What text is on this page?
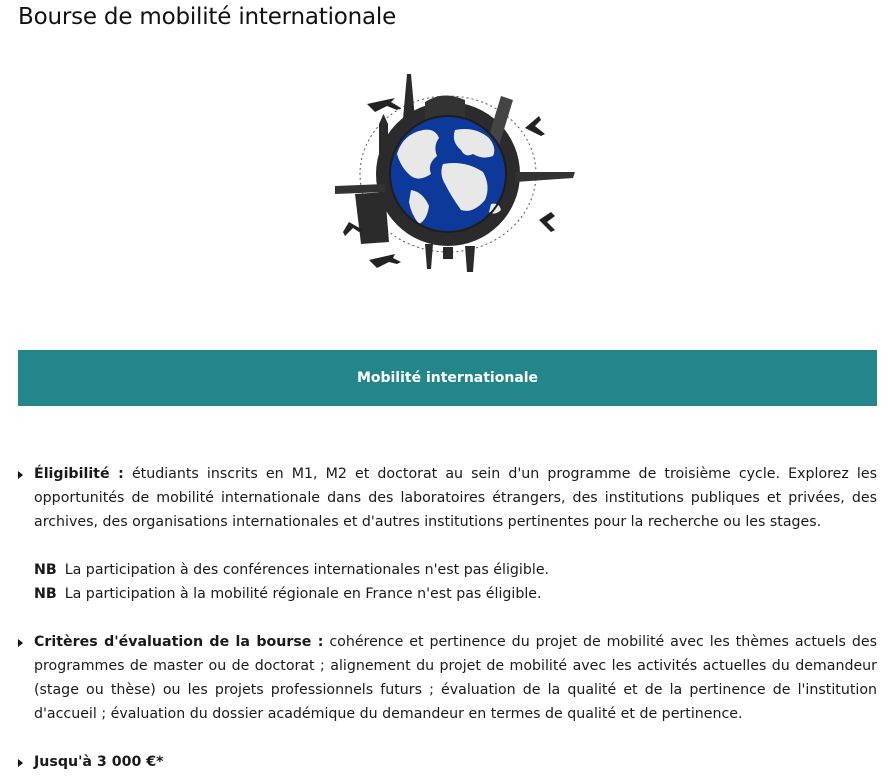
Bourse de mobilité internationale
Mobilité internationale
Éligibilité : étudiants inscrits en M1, M2 et doctorat au sein d'un programme de troisième cycle. Explorez les opportunités de mobilité internationale dans des laboratoires étrangers, des institutions publiques et privées, des archives, des organisations internationales et d'autres institutions pertinentes pour la recherche ou les stages.
NB La participation à des conférences internationales n'est pas éligible.
NB La participation à la mobilité régionale en France n'est pas éligible.
Critères d'évaluation de la bourse : cohérence et pertinence du projet de mobilité avec les thèmes actuels des programmes de master ou de doctorat ; alignement du projet de mobilité avec les activités actuelles du demandeur (stage ou thèse) ou les projets professionnels futurs ; évaluation de la qualité et de la pertinence de l'institution d'accueil ; évaluation du dossier académique du demandeur en termes de qualité et de pertinence.
Jusqu'à 3 000 €*
